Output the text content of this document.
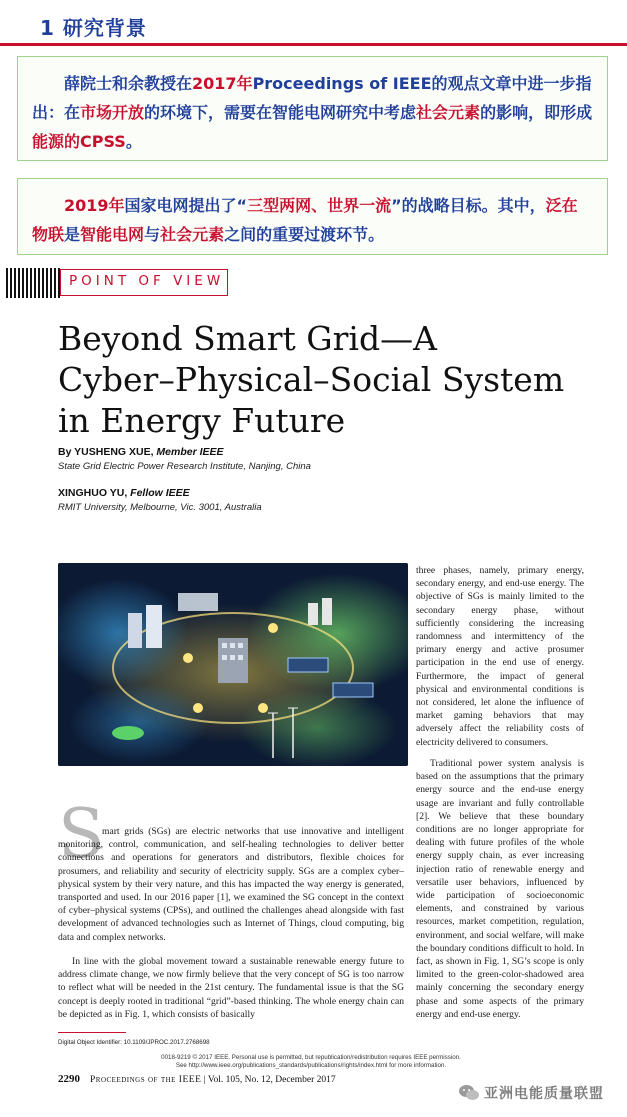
1 研究背景
薛院士和余教授在2017年Proceedings of IEEE的观点文章中进一步指出：在市场开放的环境下，需要在智能电网研究中考虑社会元素的影响，即形成能源的CPSS。
2019年国家电网提出了“三型两网、世界一流”的战略目标。其中，泛在物联是智能电网与社会元素之间的重要过渡环节。
POINT OF VIEW
Beyond Smart Grid—A
Cyber–Physical–Social System
in Energy Future
By YUSHENG XUE, Member IEEE
State Grid Electric Power Research Institute, Nanjing, China
XINGHUO YU, Fellow IEEE
RMIT University, Melbourne, Vic. 3001, Australia
S
mart grids (SGs) are electric networks that use innovative and intelligent monitoring, control, communication, and self-healing technologies to deliver better connections and operations for generators and distributors, flexible choices for prosumers, and reliability and security of electricity supply. SGs are a complex cyber–physical system by their very nature, and this has impacted the way energy is generated, transported and used. In our 2016 paper [1], we examined the SG concept in the context of cyber–physical systems (CPSs), and outlined the challenges ahead alongside with fast development of advanced technologies such as Internet of Things, cloud computing, big data and complex networks.
In line with the global movement toward a sustainable renewable energy future to address climate change, we now firmly believe that the very concept of SG is too narrow to reflect what will be needed in the 21st century. The fundamental issue is that the SG concept is deeply rooted in traditional “grid”-based thinking. The whole energy chain can be depicted as in Fig. 1, which consists of basically
three phases, namely, primary energy, secondary energy, and end-use energy. The objective of SGs is mainly limited to the secondary energy phase, without sufficiently considering the increasing randomness and intermittency of the primary energy and active prosumer participation in the end use of energy. Furthermore, the impact of general physical and environmental conditions is not considered, let alone the influence of market gaming behaviors that may adversely affect the reliability costs of electricity delivered to consumers.
Traditional power system analysis is based on the assumptions that the primary energy source and the end-use energy usage are invariant and fully controllable [2]. We believe that these boundary conditions are no longer appropriate for dealing with future profiles of the whole energy supply chain, as ever increasing injection ratio of renewable energy and versatile user behaviors, influenced by wide participation of socioeconomic elements, and constrained by various resources, market competition, regulation, environment, and social welfare, will make the boundary conditions difficult to hold. In fact, as shown in Fig. 1, SG’s scope is only limited to the green-color-shadowed area mainly concerning the secondary energy phase and some aspects of the primary energy and end-use energy.
Digital Object Identifier: 10.1109/JPROC.2017.2768698
0018-9219 © 2017 IEEE. Personal use is permitted, but republication/redistribution requires IEEE permission.
See http://www.ieee.org/publications_standards/publications/rights/index.html for more information.
2290 Proceedings of the IEEE | Vol. 105, No. 12, December 2017
亚洲电能质量联盟
